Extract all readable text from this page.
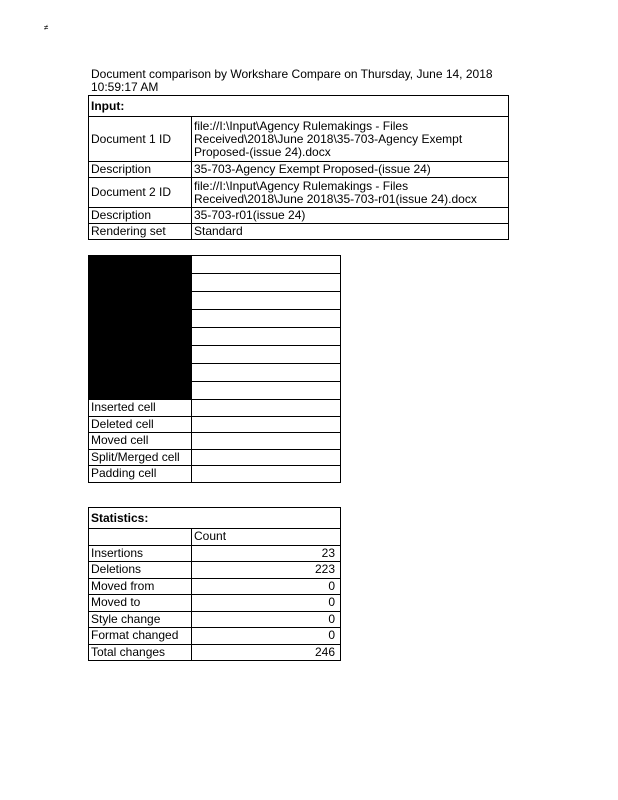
≠
Document comparison by Workshare Compare on Thursday, June 14, 2018 10:59:17 AM
Input:	
Document 1 ID	file://I:\Input\Agency Rulemakings - Files Received\2018\June 2018\35-703-Agency Exempt Proposed-(issue 24).docx
Description	35-703-Agency Exempt Proposed-(issue 24)
Document 2 ID	file://I:\Input\Agency Rulemakings - Files Received\2018\June 2018\35-703-r01(issue 24).docx
Description	35-703-r01(issue 24)
Rendering set	Standard

Inserted cell	
Deleted cell	
Moved cell	
Split/Merged cell	
Padding cell	
Statistics:	
	Count
Insertions	23
Deletions	223
Moved from	0
Moved to	0
Style change	0
Format changed	0
Total changes	246
